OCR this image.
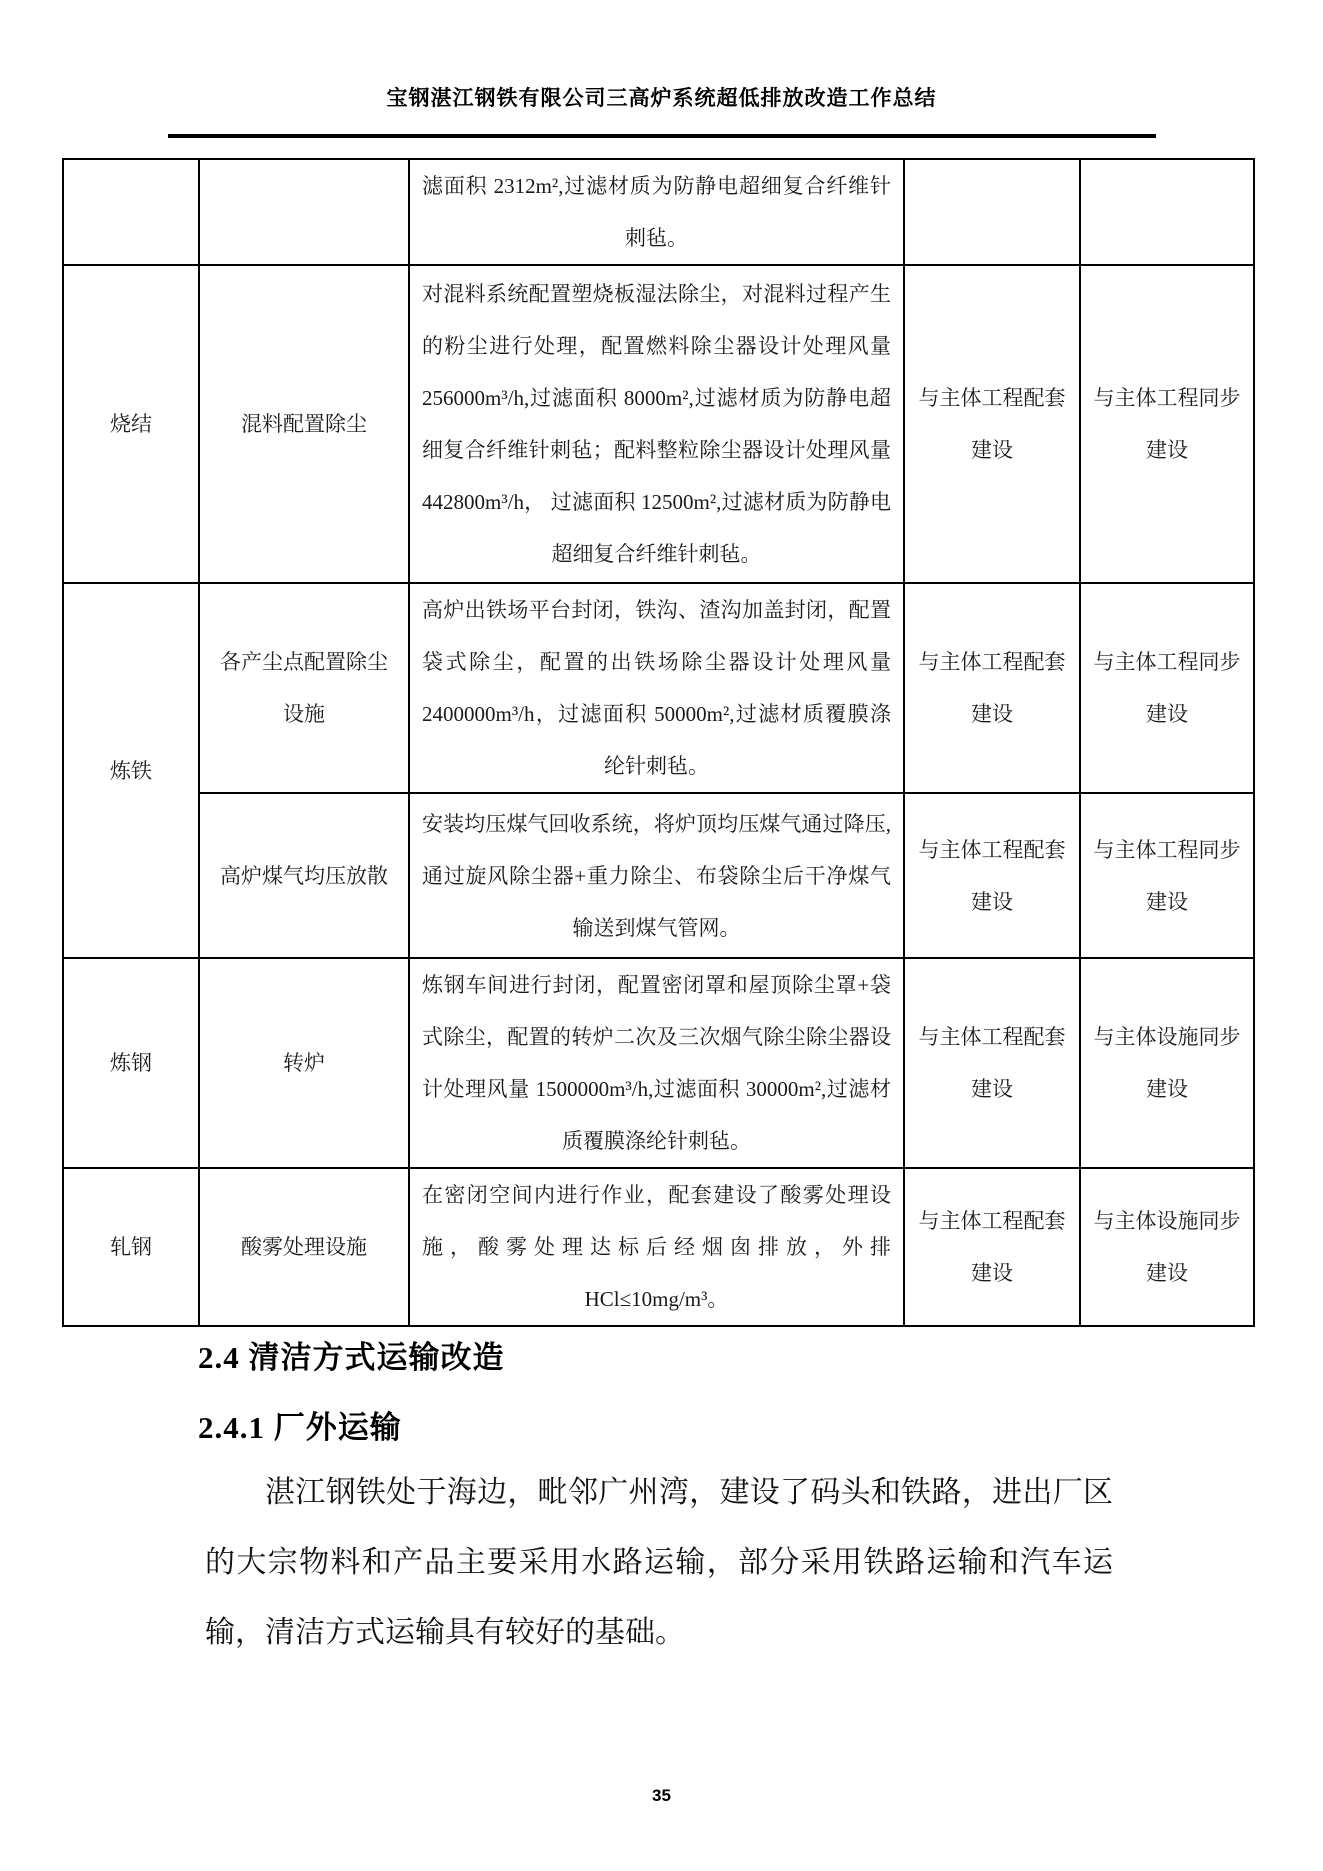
宝钢湛江钢铁有限公司三高炉系统超低排放改造工作总结
		滤面积 2312m²,过滤材质为防静电超细复合纤维针刺毡。		
烧结	混料配置除尘	对混料系统配置塑烧板湿法除尘，对混料过程产生的粉尘进行处理，配置燃料除尘器设计处理风量 256000m³/h,过滤面积 8000m²,过滤材质为防静电超细复合纤维针刺毡；配料整粒除尘器设计处理风量 442800m³/h， 过滤面积 12500m²,过滤材质为防静电超细复合纤维针刺毡。	与主体工程配套建设	与主体工程同步建设
炼铁	各产尘点配置除尘设施	高炉出铁场平台封闭，铁沟、渣沟加盖封闭，配置袋式除尘，配置的出铁场除尘器设计处理风量 2400000m³/h，过滤面积 50000m²,过滤材质覆膜涤纶针刺毡。	与主体工程配套建设	与主体工程同步建设
	高炉煤气均压放散	安装均压煤气回收系统，将炉顶均压煤气通过降压,通过旋风除尘器+重力除尘、布袋除尘后干净煤气输送到煤气管网。	与主体工程配套建设	与主体工程同步建设
炼钢	转炉	炼钢车间进行封闭，配置密闭罩和屋顶除尘罩+袋式除尘，配置的转炉二次及三次烟气除尘除尘器设计处理风量 1500000m³/h,过滤面积 30000m²,过滤材质覆膜涤纶针刺毡。	与主体工程配套建设	与主体设施同步建设
轧钢	酸雾处理设施	在密闭空间内进行作业，配套建设了酸雾处理设施，酸雾处理达标后经烟囱排放，外排 HCl≤10mg/m³。	与主体工程配套建设	与主体设施同步建设
2.4 清洁方式运输改造
2.4.1 厂外运输
湛江钢铁处于海边，毗邻广州湾，建设了码头和铁路，进出厂区的大宗物料和产品主要采用水路运输，部分采用铁路运输和汽车运输，清洁方式运输具有较好的基础。
35
